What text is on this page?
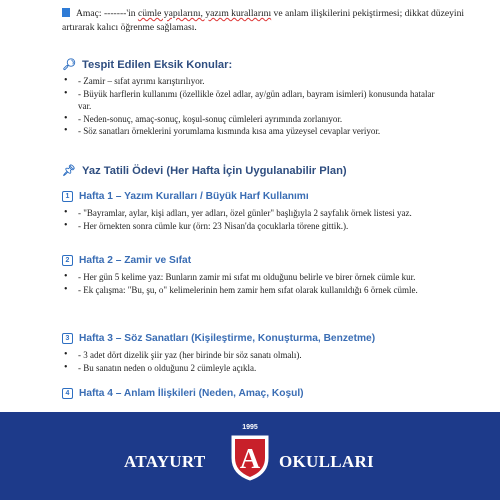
Amaç: -------'in cümle yapılarını, yazım kurallarını ve anlam ilişkilerini pekiştirmesi; dikkat düzeyini artırarak kalıcı öğrenme sağlaması.
🔎︎ Tespit Edilen Eksik Konular:
• - Zamir – sıfat ayrımı karıştırılıyor.
• - Büyük harflerin kullanımı (özellikle özel adlar, ay/gün adları, bayram isimleri) konusunda hatalar var.
• - Neden-sonuç, amaç-sonuç, koşul-sonuç cümleleri ayrımında zorlanıyor.
• - Söz sanatları örneklerini yorumlama kısmında kısa ama yüzeysel cevaplar veriyor.
📌︎ Yaz Tatili Ödevi (Her Hafta İçin Uygulanabilir Plan)
1 Hafta 1 – Yazım Kuralları / Büyük Harf Kullanımı
• - "Bayramlar, aylar, kişi adları, yer adları, özel günler" başlığıyla 2 sayfalık örnek listesi yaz.
• - Her örnekten sonra cümle kur (örn: 23 Nisan'da çocuklarla törene gittik.).
2 Hafta 2 – Zamir ve Sıfat
• - Her gün 5 kelime yaz: Bunların zamir mi sıfat mı olduğunu belirle ve birer örnek cümle kur.
• - Ek çalışma: "Bu, şu, o" kelimelerinin hem zamir hem sıfat olarak kullanıldığı 6 örnek cümle.
3 Hafta 3 – Söz Sanatları (Kişileştirme, Konuşturma, Benzetme)
• - 3 adet dört dizelik şiir yaz (her birinde bir söz sanatı olmalı).
• - Bu sanatın neden o olduğunu 2 cümleyle açıkla.
4 Hafta 4 – Anlam İlişkileri (Neden, Amaç, Koşul)
1995
A
ATAYURT	OKULLARI
